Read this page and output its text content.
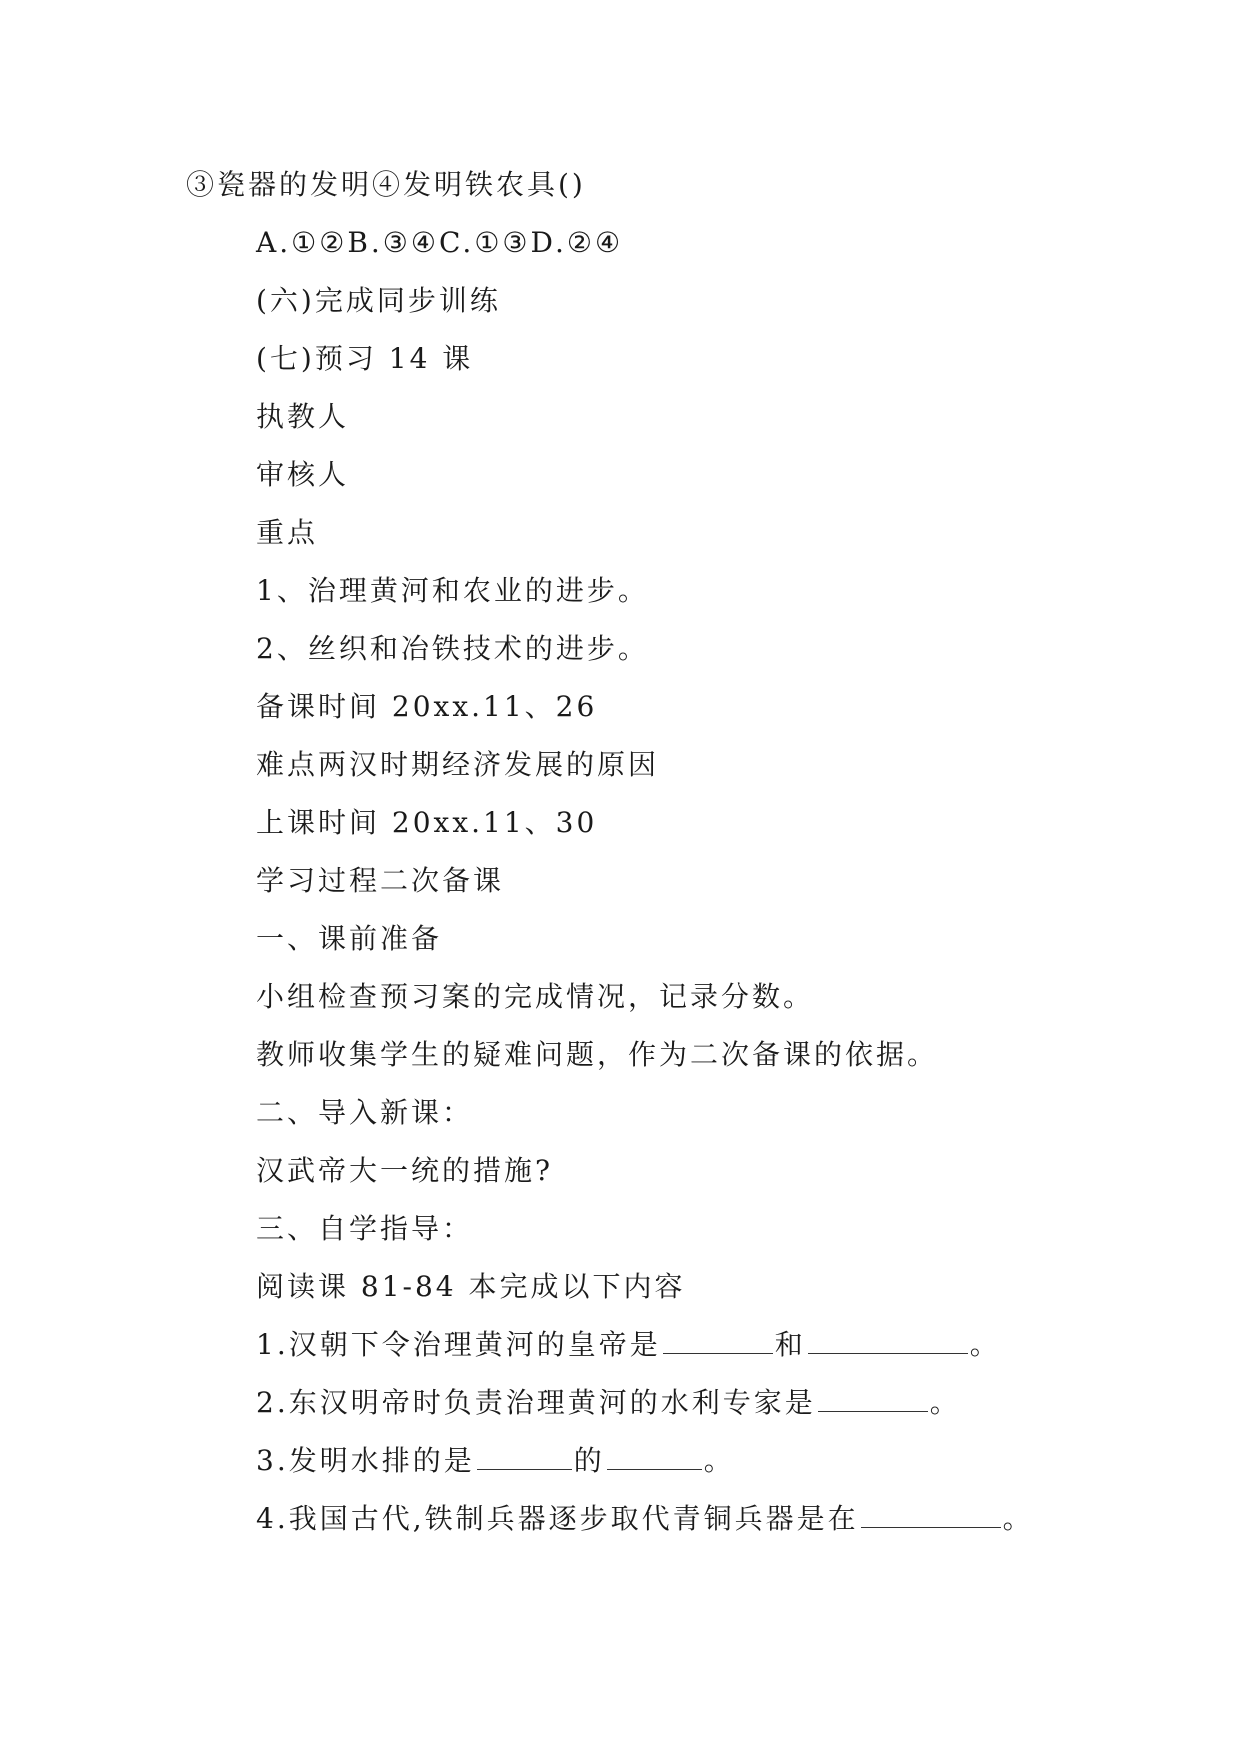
③瓷器的发明④发明铁农具()

A.①②B.③④C.①③D.②④

(六)完成同步训练

(七)预习 14 课

执教人

审核人

重点

1、治理黄河和农业的进步。

2、丝织和冶铁技术的进步。

备课时间 20xx.11、26

难点两汉时期经济发展的原因

上课时间 20xx.11、30

学习过程二次备课

一、课前准备

小组检查预习案的完成情况，记录分数。

教师收集学生的疑难问题，作为二次备课的依据。

二、导入新课：

汉武帝大一统的措施?

三、自学指导：

阅读课 81-84 本完成以下内容

1.汉朝下令治理黄河的皇帝是	和	。

2.东汉明帝时负责治理黄河的水利专家是	。

3.发明水排的是	的	。

4.我国古代,铁制兵器逐步取代青铜兵器是在	。
